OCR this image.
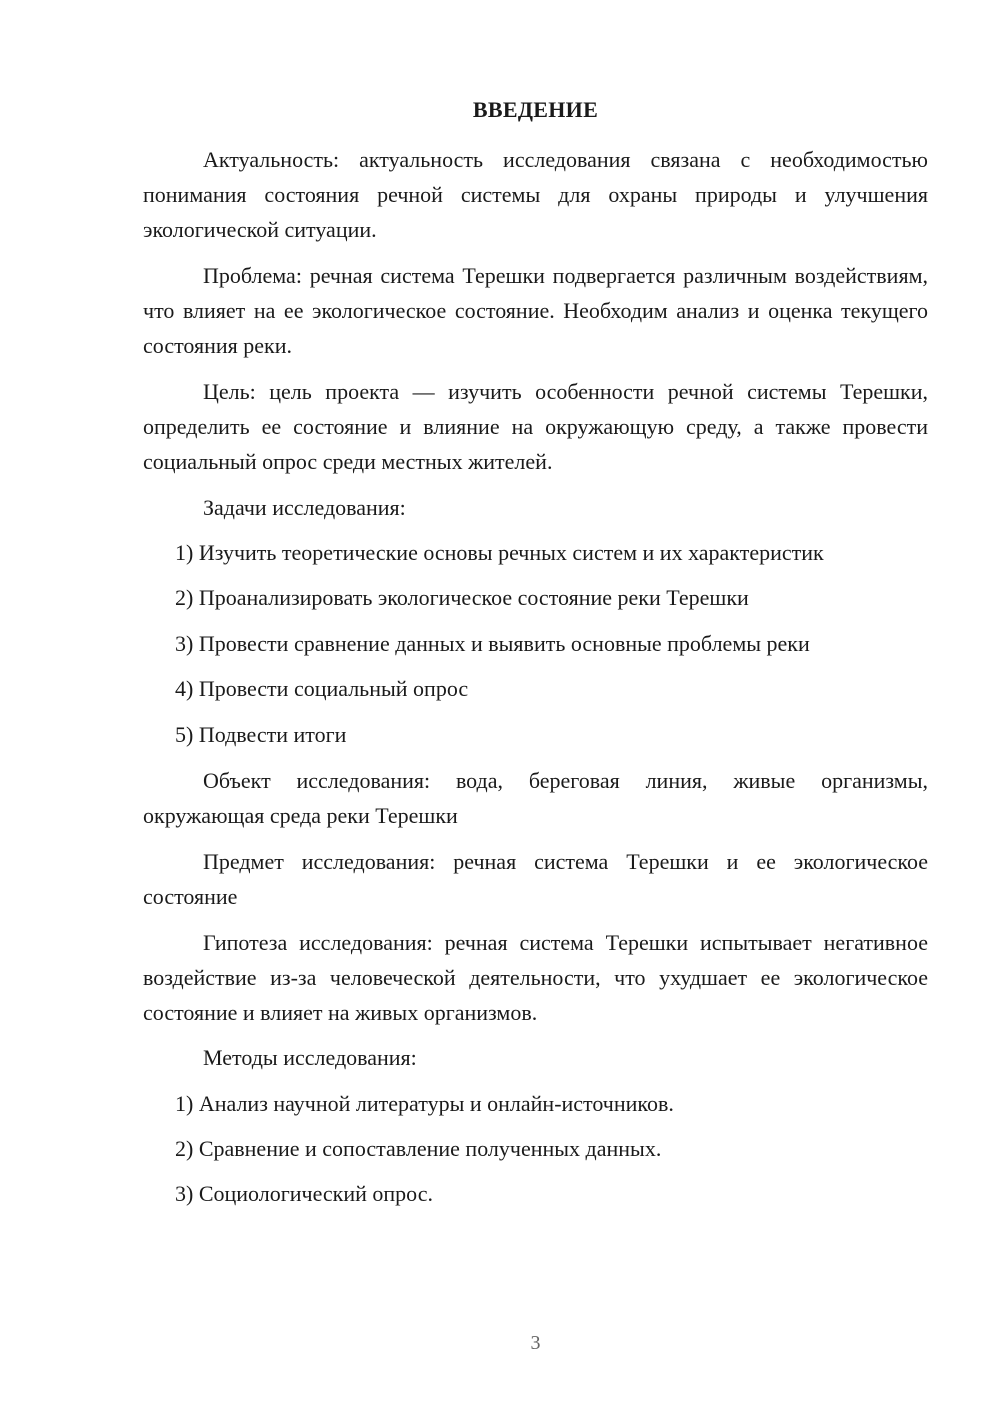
ВВЕДЕНИЕ

Актуальность: актуальность исследования связана с необходимостью понимания состояния речной системы для охраны природы и улучшения экологической ситуации.

Проблема: речная система Терешки подвергается различным воздействиям, что влияет на ее экологическое состояние. Необходим анализ и оценка текущего состояния реки.

Цель: цель проекта — изучить особенности речной системы Терешки, определить ее состояние и влияние на окружающую среду, а также провести социальный опрос среди местных жителей.

Задачи исследования:

1) Изучить теоретические основы речных систем и их характеристик

2) Проанализировать экологическое состояние реки Терешки

3) Провести сравнение данных и выявить основные проблемы реки

4) Провести социальный опрос

5) Подвести итоги

Объект исследования: вода, береговая линия, живые организмы, окружающая среда реки Терешки

Предмет исследования: речная система Терешки и ее экологическое состояние

Гипотеза исследования: речная система Терешки испытывает негативное воздействие из-за человеческой деятельности, что ухудшает ее экологическое состояние и влияет на живых организмов.

Методы исследования:

1) Анализ научной литературы и онлайн-источников.

2) Сравнение и сопоставление полученных данных.

3) Социологический опрос.

3
